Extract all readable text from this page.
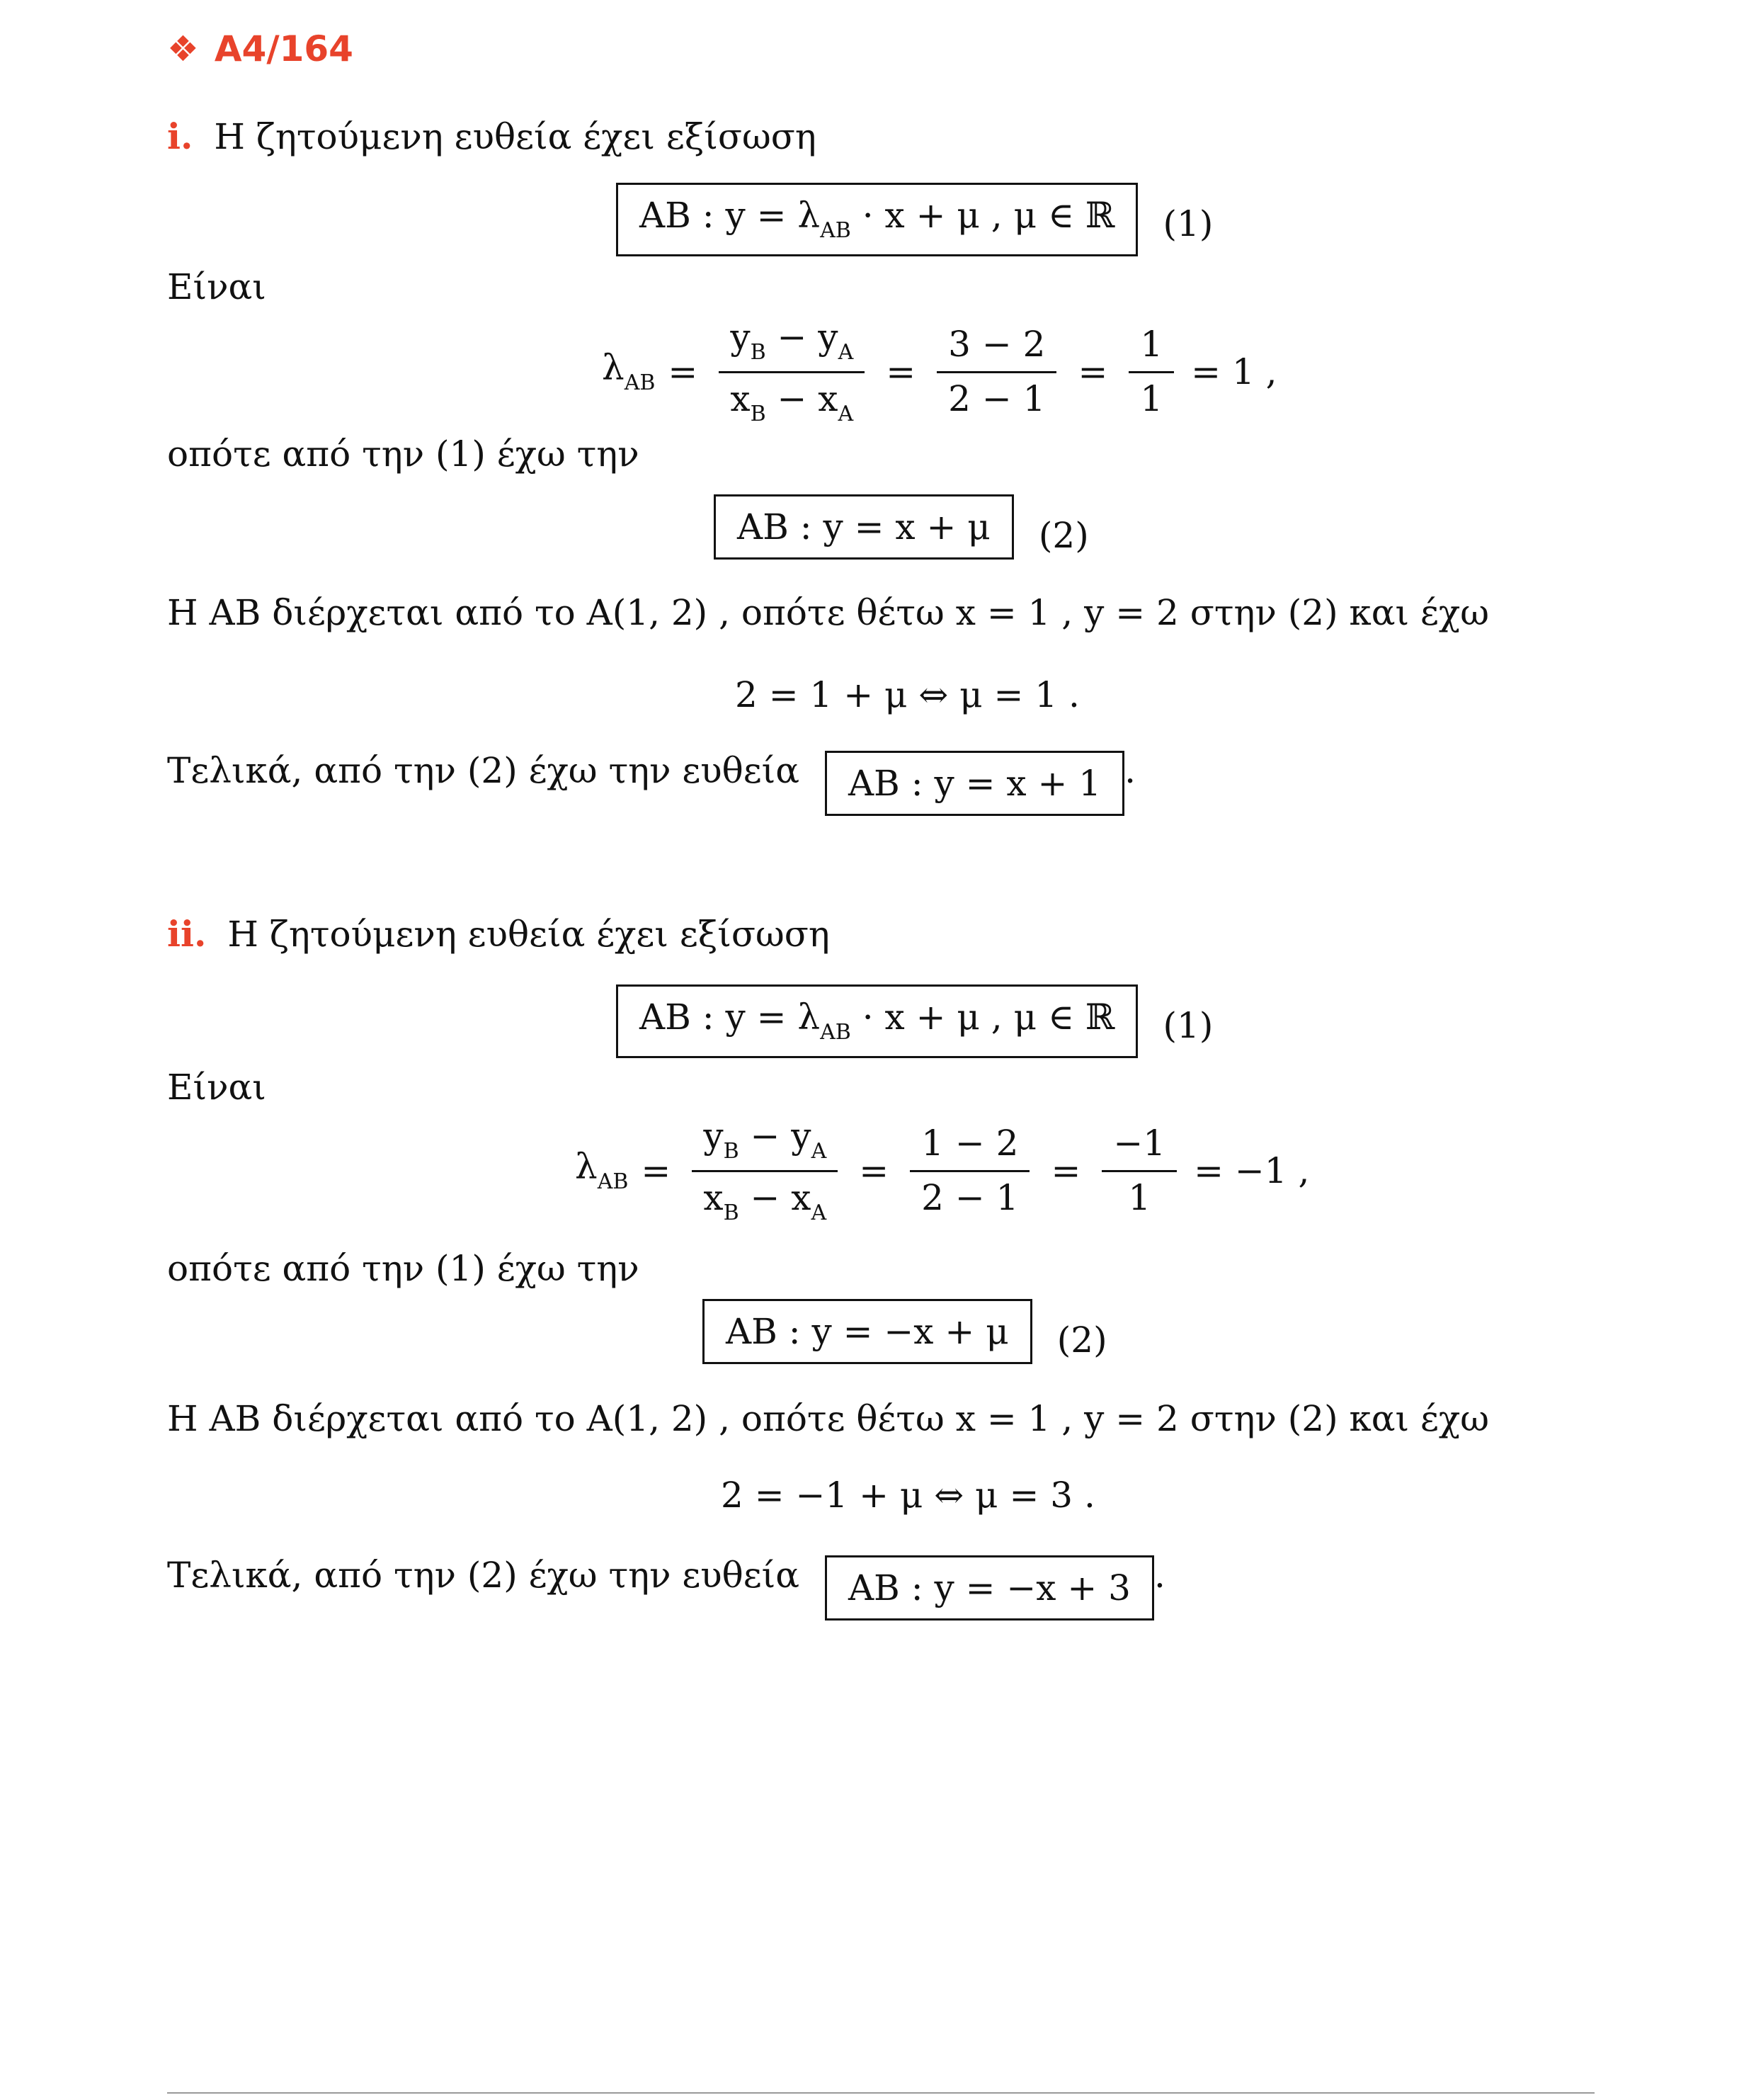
❖ A4/164
i. Η ζητούμενη ευθεία έχει εξίσωση
AB : $y = \lambda_{AB} \cdot x + \mu$ , μ ∈ ℝ (1)
Είναι
$\lambda_{AB} = \frac{y_B - y_A}{x_B - x_A} = \frac{3 - 2}{2 - 1} = \frac{1}{1} = 1$ ,
οπότε από την (1) έχω την
AB : y = x + μ (2)
Η AB διέρχεται από το A(1, 2) , οπότε θέτω x = 1 , y = 2 στην (2) και έχω
2 = 1 + μ ⇔ μ = 1 .
Τελικά, από την (2) έχω την ευθεία AB : y = x + 1 .
ii. Η ζητούμενη ευθεία έχει εξίσωση
AB : $y = \lambda_{AB} \cdot x + \mu$ , μ ∈ ℝ (1)
Είναι
$\lambda_{AB} = \frac{y_B - y_A}{x_B - x_A} = \frac{1 - 2}{2 - 1} = \frac{-1}{1} = -1$ ,
οπότε από την (1) έχω την
AB : y = −x + μ (2)
Η AB διέρχεται από το A(1, 2) , οπότε θέτω x = 1 , y = 2 στην (2) και έχω
2 = −1 + μ ⇔ μ = 3 .
Τελικά, από την (2) έχω την ευθεία AB : y = −x + 3 .
